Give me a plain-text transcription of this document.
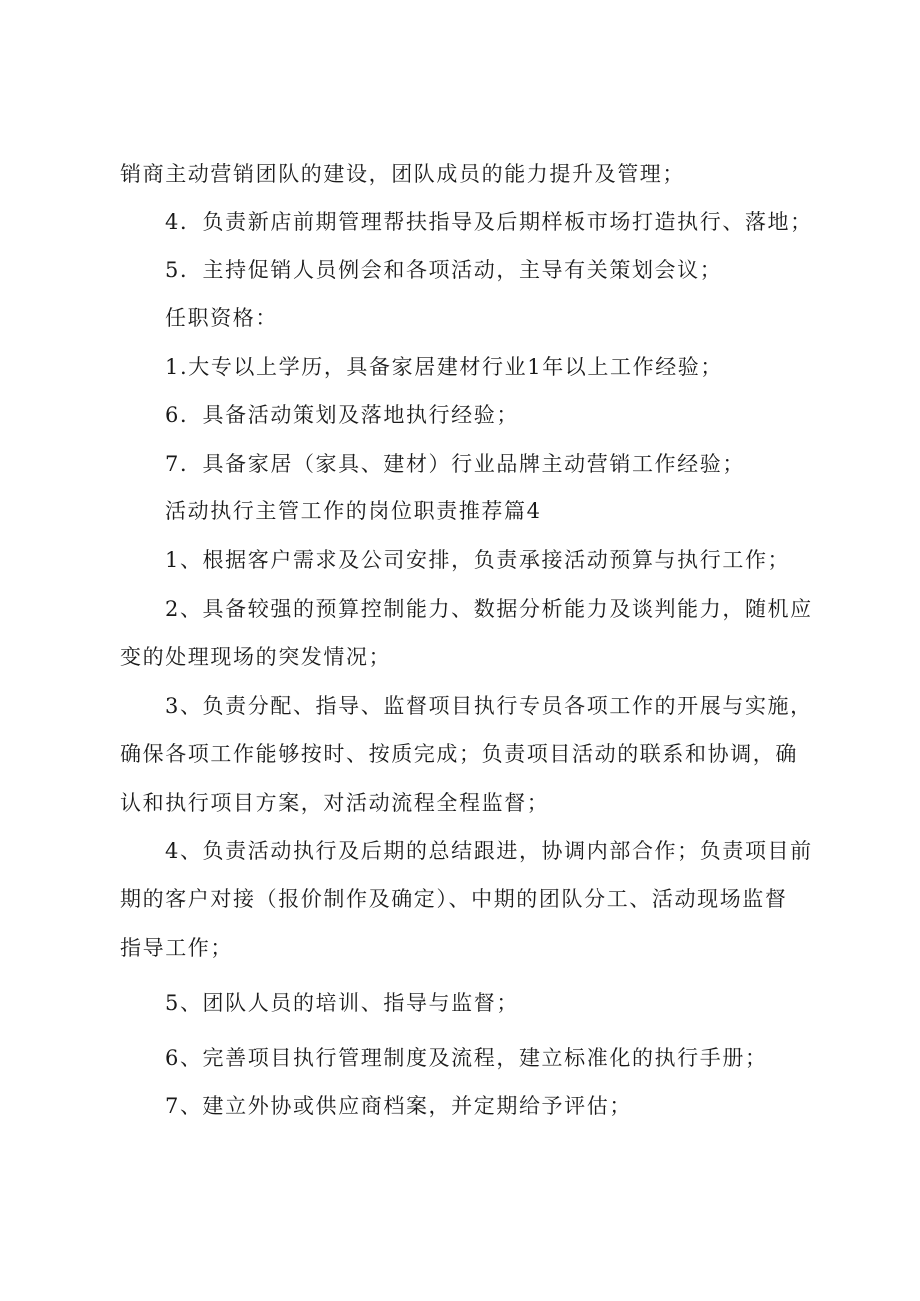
销商主动营销团队的建设，团队成员的能力提升及管理；
4．负责新店前期管理帮扶指导及后期样板市场打造执行、落地；
5．主持促销人员例会和各项活动，主导有关策划会议；
任职资格：
1.大专以上学历，具备家居建材行业1年以上工作经验；
6．具备活动策划及落地执行经验；
7．具备家居（家具、建材）行业品牌主动营销工作经验；
活动执行主管工作的岗位职责推荐篇4
1、根据客户需求及公司安排，负责承接活动预算与执行工作；
2、具备较强的预算控制能力、数据分析能力及谈判能力，随机应
变的处理现场的突发情况；
3、负责分配、指导、监督项目执行专员各项工作的开展与实施，
确保各项工作能够按时、按质完成；负责项目活动的联系和协调，确
认和执行项目方案，对活动流程全程监督；
4、负责活动执行及后期的总结跟进，协调内部合作；负责项目前
期的客户对接（报价制作及确定）、中期的团队分工、活动现场监督
指导工作；
5、团队人员的培训、指导与监督；
6、完善项目执行管理制度及流程，建立标准化的执行手册；
7、建立外协或供应商档案，并定期给予评估；
